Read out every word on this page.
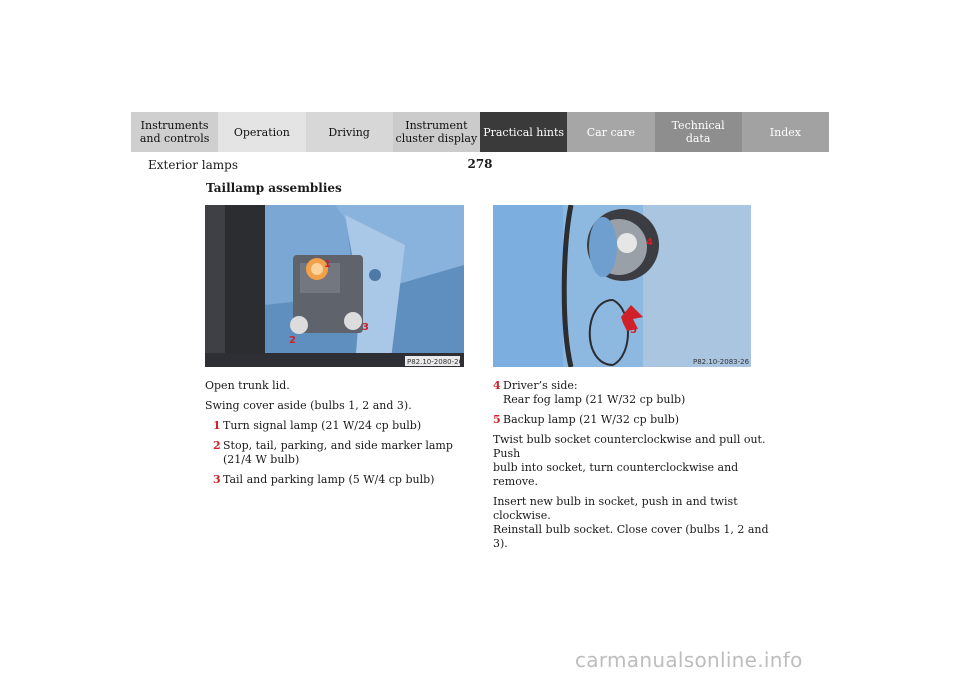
Instruments
and controls Operation	Driving	Instrument
cluster display Practical hints Car care	Technical
data	Index
Exterior lamps	278
Taillamp assemblies
1
2
3
P82.10-2080-26
4
5
P82.10-2083-26

Open trunk lid.

Swing cover aside (bulbs 1, 2 and 3).

1 Turn signal lamp (21 W/24 cp bulb)
2 Stop, tail, parking, and side marker lamp
(21/4 W bulb)
3 Tail and parking lamp (5 W/4 cp bulb)
4 Driver’s side:
Rear fog lamp (21 W/32 cp bulb)
5 Backup lamp (21 W/32 cp bulb)

Twist bulb socket counterclockwise and pull out. Push
bulb into socket, turn counterclockwise and remove.

Insert new bulb in socket, push in and twist clockwise.
Reinstall bulb socket. Close cover (bulbs 1, 2 and 3).

carmanualsonline.info
